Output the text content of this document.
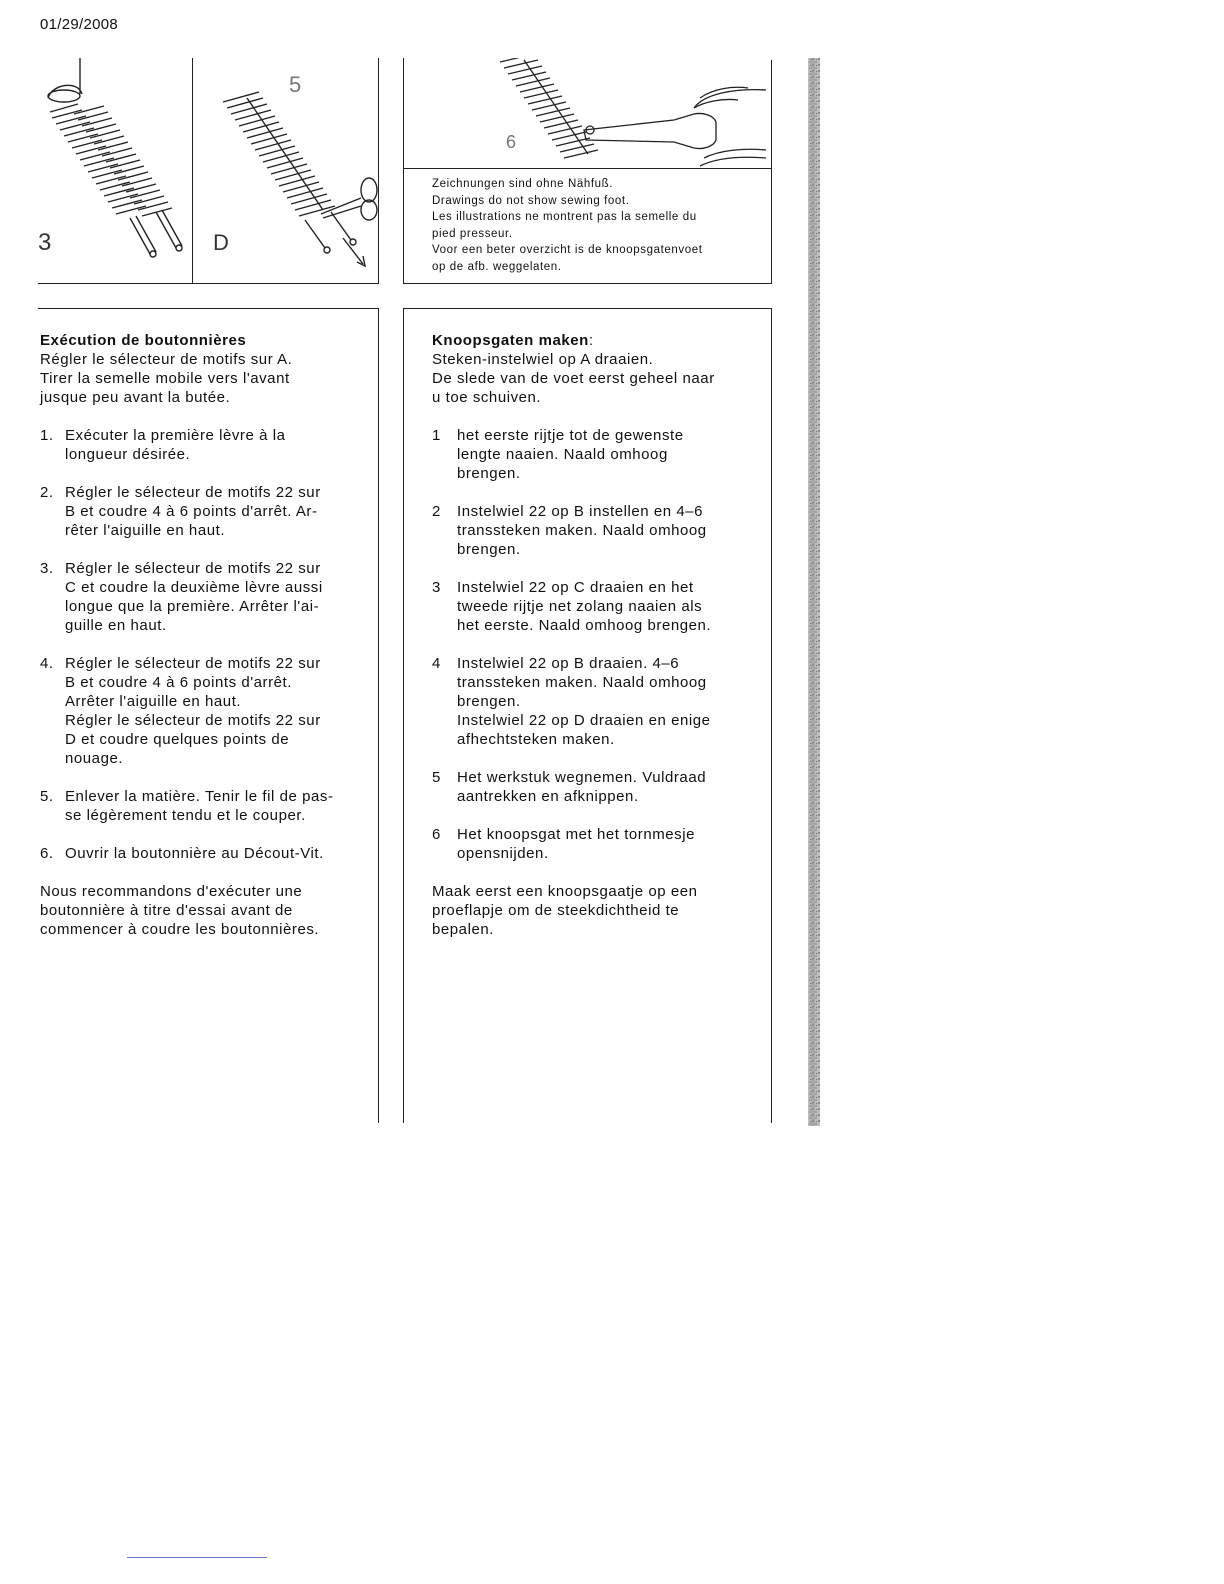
01/29/2008
3
5
D
6
Zeichnungen sind ohne Nähfuß.
Drawings do not show sewing foot.
Les illustrations ne montrent pas la semelle du
pied presseur.
Voor een beter overzicht is de knoopsgatenvoet
op de afb. weggelaten.
Exécution de boutonnières
Régler le sélecteur de motifs sur A.
Tirer la semelle mobile vers l'avant
jusque peu avant la butée.
1. Exécuter la première lèvre à la
longueur désirée.
2. Régler le sélecteur de motifs 22 sur
B et coudre 4 à 6 points d'arrêt. Ar-
rêter l'aiguille en haut.
3. Régler le sélecteur de motifs 22 sur
C et coudre la deuxième lèvre aussi
longue que la première. Arrêter l'ai-
guille en haut.
4. Régler le sélecteur de motifs 22 sur
B et coudre 4 à 6 points d'arrêt.
Arrêter l'aiguille en haut.
Régler le sélecteur de motifs 22 sur
D et coudre quelques points de
nouage.
5. Enlever la matière. Tenir le fil de pas-
se légèrement tendu et le couper.
6. Ouvrir la boutonnière au Décout-Vit.
Nous recommandons d'exécuter une
boutonnière à titre d'essai avant de
commencer à coudre les boutonnières.
Knoopsgaten maken:
Steken-instelwiel op A draaien.
De slede van de voet eerst geheel naar
u toe schuiven.
1 het eerste rijtje tot de gewenste
lengte naaien. Naald omhoog
brengen.
2 Instelwiel 22 op B instellen en 4–6
transsteken maken. Naald omhoog
brengen.
3 Instelwiel 22 op C draaien en het
tweede rijtje net zolang naaien als
het eerste. Naald omhoog brengen.
4 Instelwiel 22 op B draaien. 4–6
transsteken maken. Naald omhoog
brengen.
Instelwiel 22 op D draaien en enige
afhechtsteken maken.
5 Het werkstuk wegnemen. Vuldraad
aantrekken en afknippen.
6 Het knoopsgat met het tornmesje
opensnijden.
Maak eerst een knoopsgaatje op een
proeflapje om de steekdichtheid te
bepalen.
